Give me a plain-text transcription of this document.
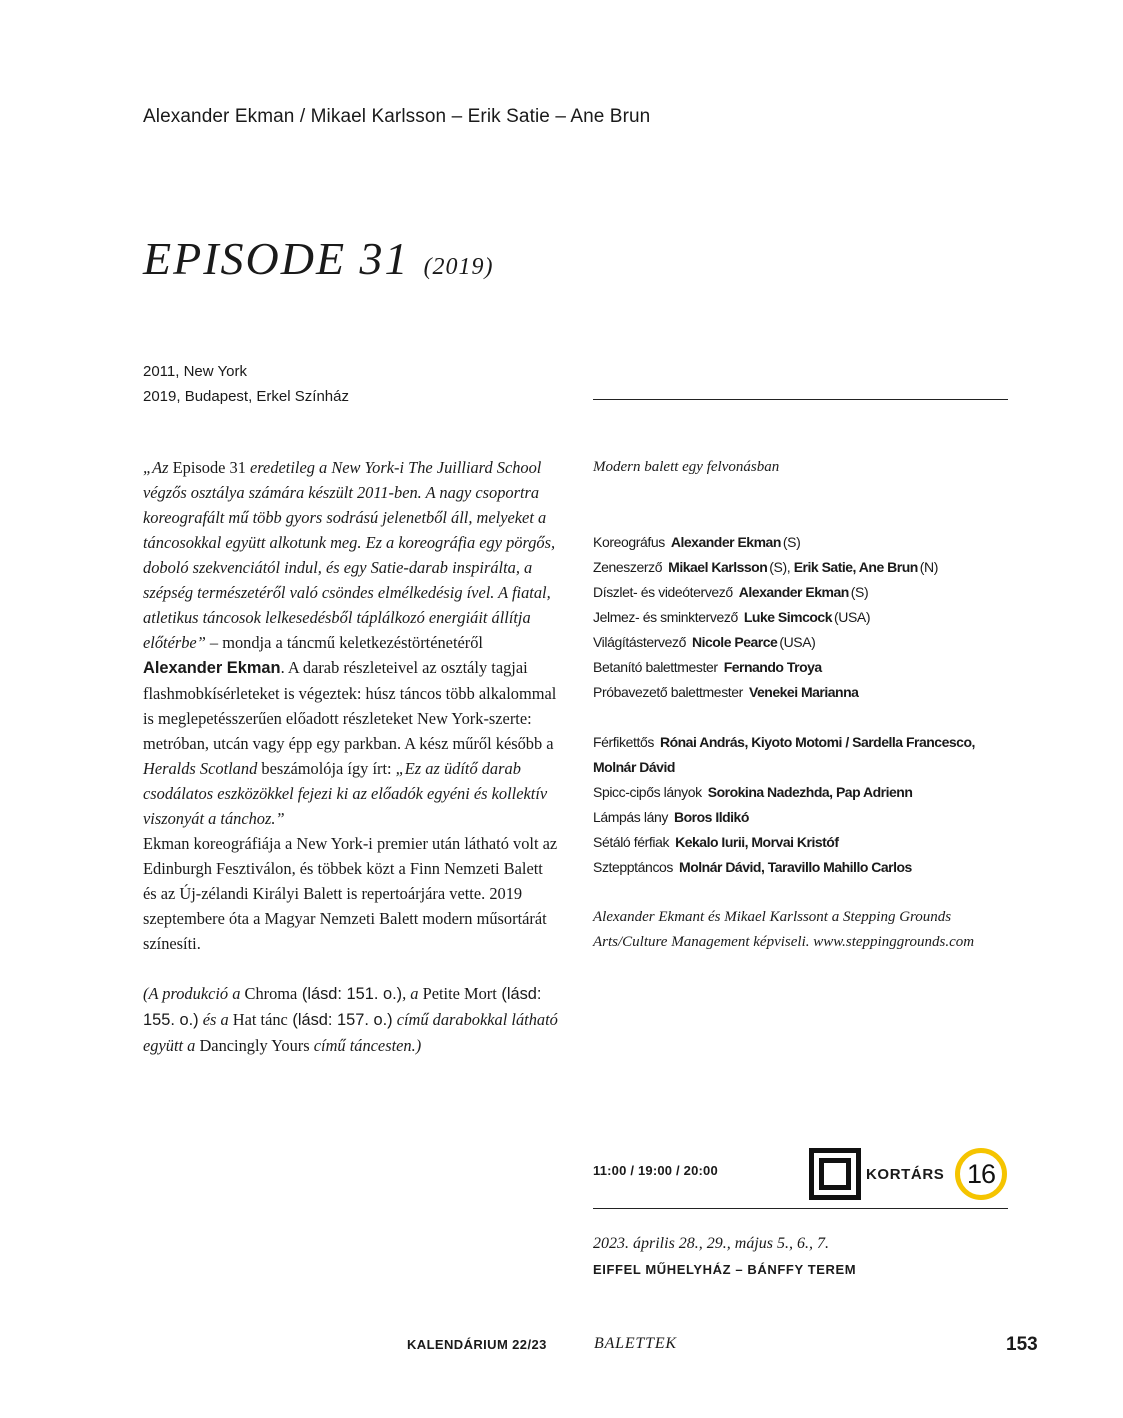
Alexander Ekman / Mikael Karlsson – Erik Satie – Ane Brun
EPISODE 31 (2019)
2011, New York
2019, Budapest, Erkel Színház

„Az Episode 31 eredetileg a New York-i The Juilliard School végzős osztálya számára készült 2011-ben. A nagy csoportra koreografált mű több gyors sodrású jelenetből áll, melyeket a táncosokkal együtt alkotunk meg. Ez a koreográfia egy pörgős, doboló szekvenciától indul, és egy Satie-darab inspirálta, a szépség természetéről való csöndes elmélkedésig ível. A fiatal, atletikus táncosok lelkesedésből táplálkozó energiáit állítja előtérbe” – mondja a táncmű keletkezéstörténetéről Alexander Ekman. A darab részleteivel az osztály tagjai flashmobkísérleteket is végeztek: húsz táncos több alkalommal is meglepetésszerűen előadott részleteket New York-szerte: metróban, utcán vagy épp egy parkban. A kész műről később a Heralds Scotland beszámolója így írt: „Ez az üdítő darab csodálatos eszközökkel fejezi ki az előadók egyéni és kollektív viszonyát a tánchoz.”

Ekman koreográfiája a New York-i premier után látható volt az Edinburgh Fesztiválon, és többek közt a Finn Nemzeti Balett és az Új-zélandi Királyi Balett is repertoárjára vette. 2019 szeptembere óta a Magyar Nemzeti Balett modern műsortárát színesíti.

(A produkció a Chroma (lásd: 151. o.), a Petite Mort (lásd: 155. o.) és a Hat tánc (lásd: 157. o.) című darabokkal látható együtt a Dancingly Yours című táncesten.)

Modern balett egy felvonásban

Koreográfus Alexander Ekman (S)
Zeneszerző Mikael Karlsson (S), Erik Satie, Ane Brun (N)
Díszlet- és videótervező Alexander Ekman (S)
Jelmez- és sminktervező Luke Simcock (USA)
Világítástervező Nicole Pearce (USA)
Betanító balettmester Fernando Troya
Próbavezető balettmester Venekei Marianna
Férfikettős Rónai András, Kiyoto Motomi / Sardella Francesco, Molnár Dávid
Spicc-cipős lányok Sorokina Nadezhda, Pap Adrienn
Lámpás lány Boros Ildikó
Sétáló férfiak Kekalo Iurii, Morvai Kristóf
Sztepptáncos Molnár Dávid, Taravillo Mahillo Carlos
Alexander Ekmant és Mikael Karlssont a Stepping Grounds Arts/Culture Management képviseli. www.steppinggrounds.com
11:00 / 19:00 / 20:00	KORTÁRS 16
2023. április 28., 29., május 5., 6., 7.
EIFFEL MŰHELYHÁZ – BÁNFFY TEREM
KALENDÁRIUM 22/23	BALETTEK	153
